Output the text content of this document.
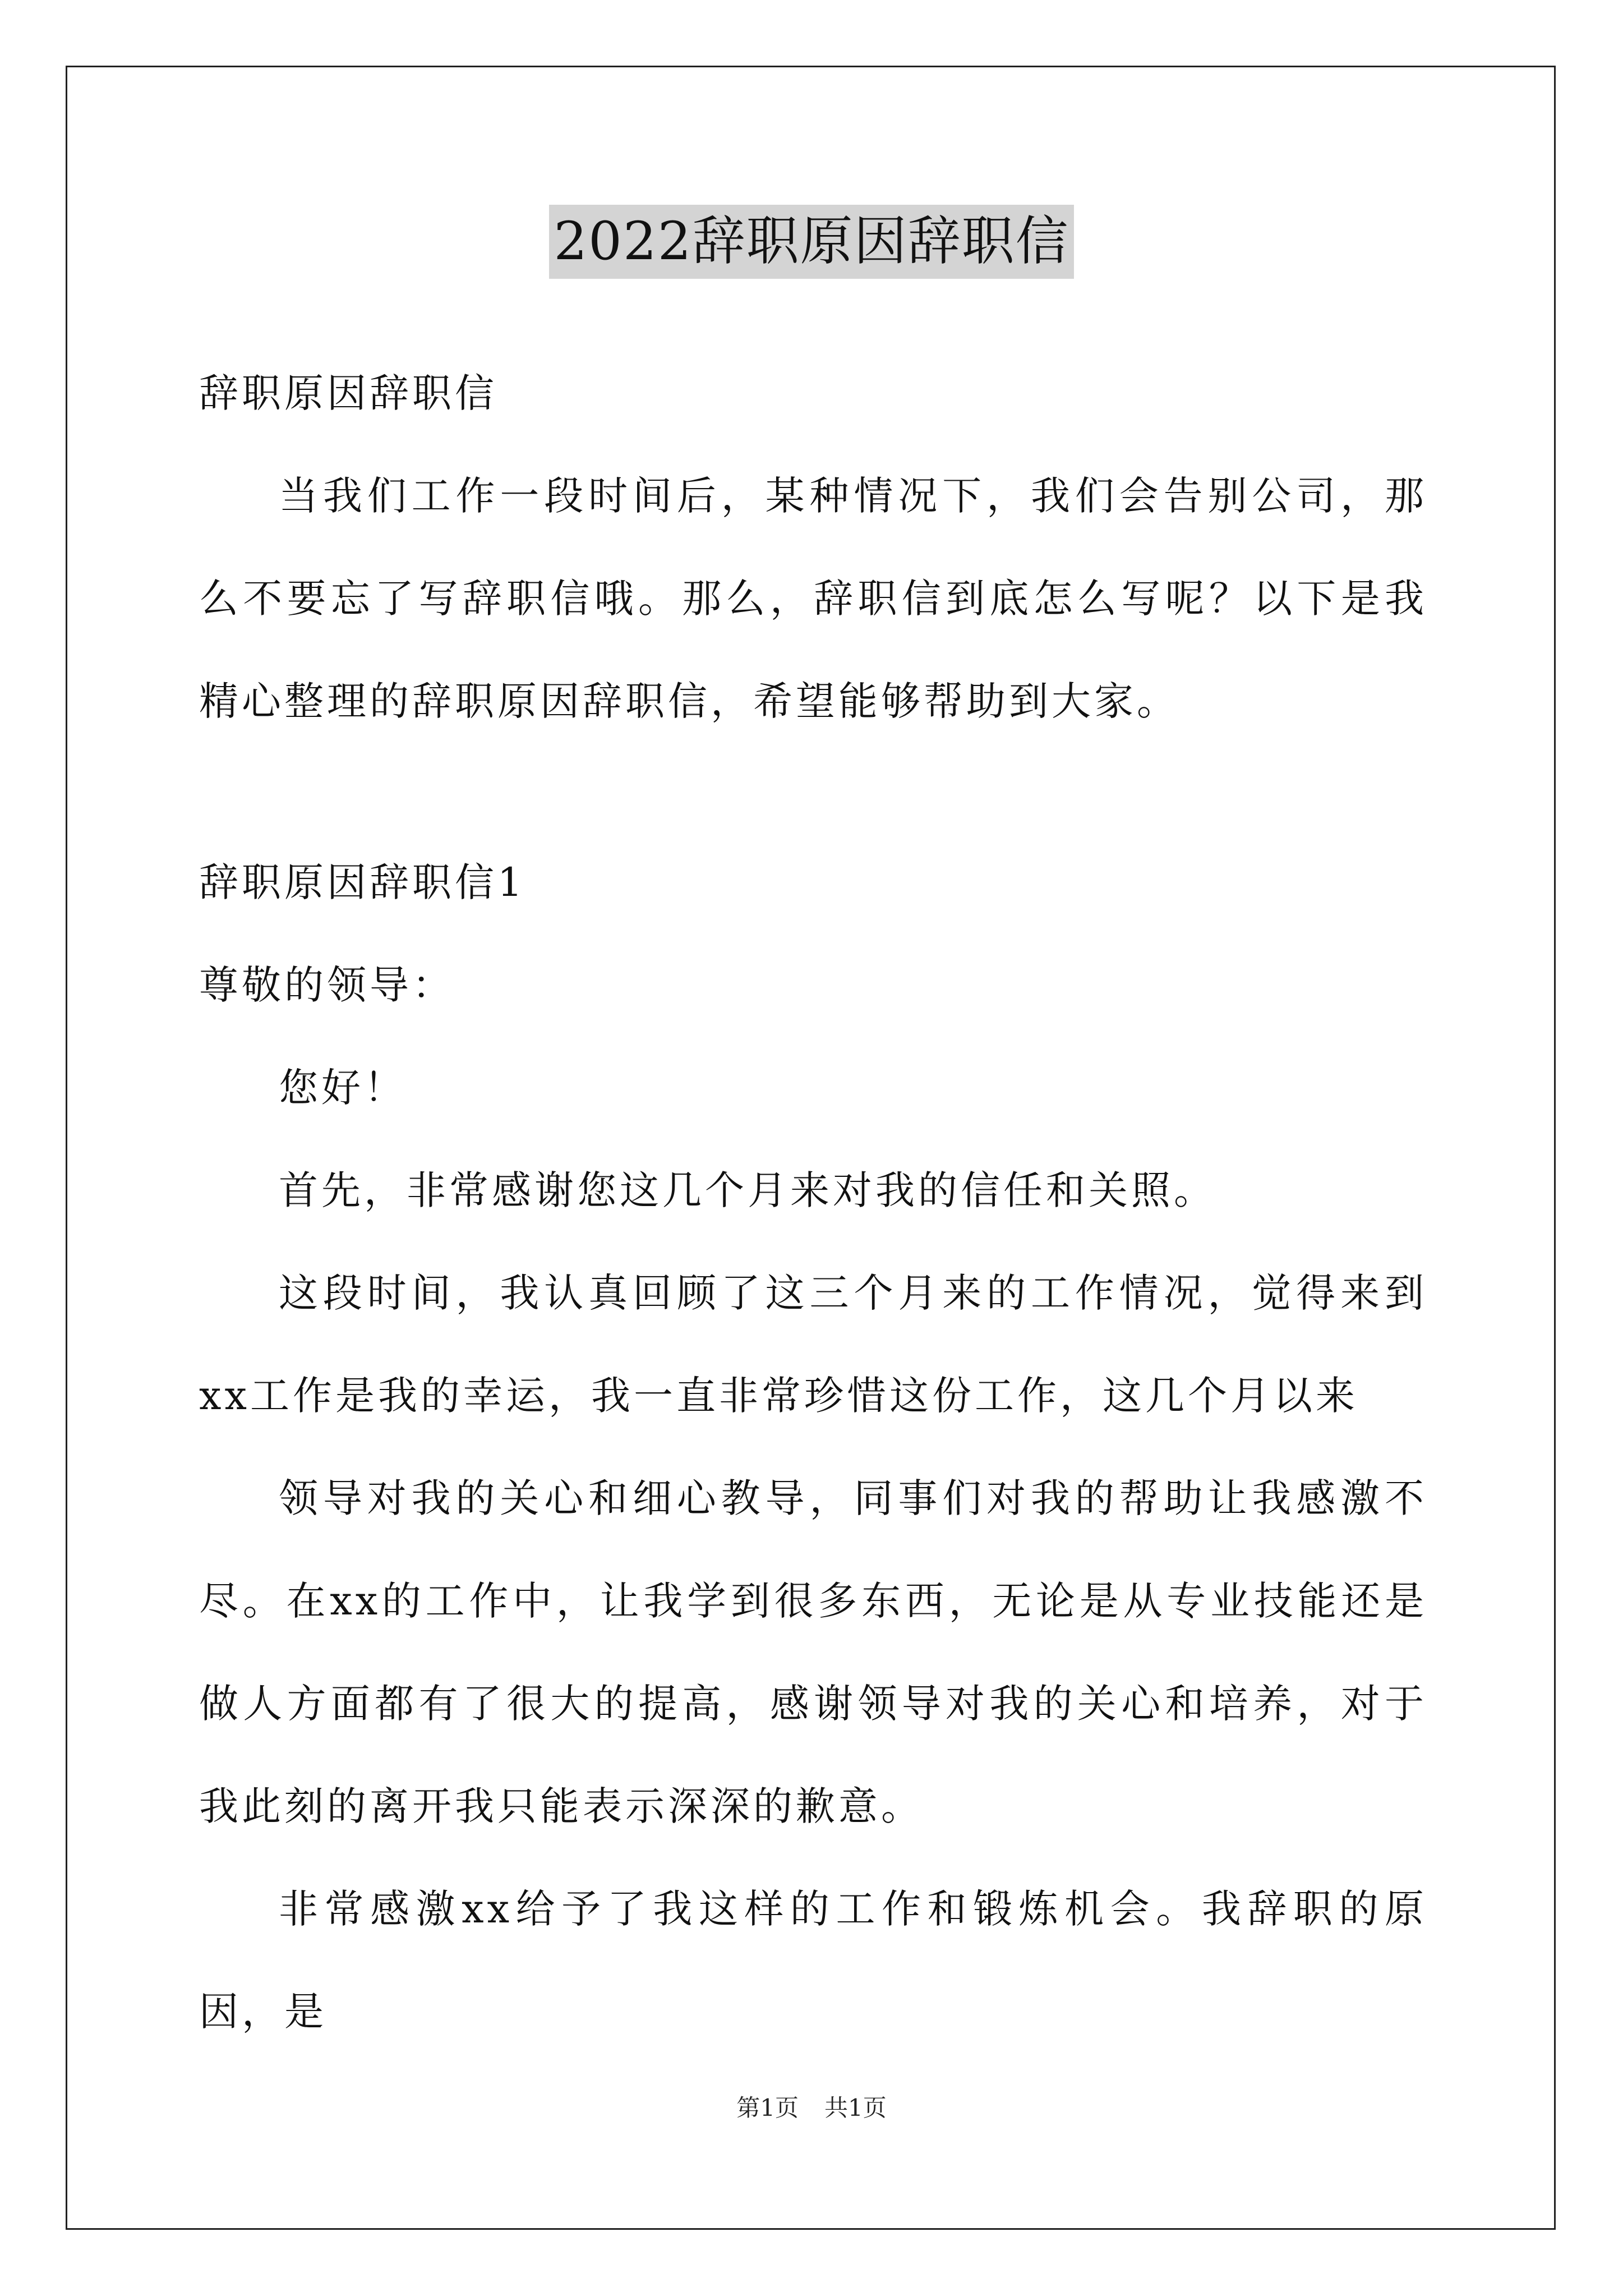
2022辞职原因辞职信

辞职原因辞职信

当我们工作一段时间后，某种情况下，我们会告别公司，那么不要忘了写辞职信哦。那么，辞职信到底怎么写呢？以下是我精心整理的辞职原因辞职信，希望能够帮助到大家。

辞职原因辞职信1

尊敬的领导：

您好！

首先，非常感谢您这几个月来对我的信任和关照。

这段时间，我认真回顾了这三个月来的工作情况，觉得来到xx工作是我的幸运，我一直非常珍惜这份工作，这几个月以来

领导对我的关心和细心教导，同事们对我的帮助让我感激不尽。在xx的工作中，让我学到很多东西，无论是从专业技能还是做人方面都有了很大的提高，感谢领导对我的关心和培养，对于我此刻的离开我只能表示深深的歉意。

非常感激xx给予了我这样的工作和锻炼机会。我辞职的原因，是

第1页 共1页
